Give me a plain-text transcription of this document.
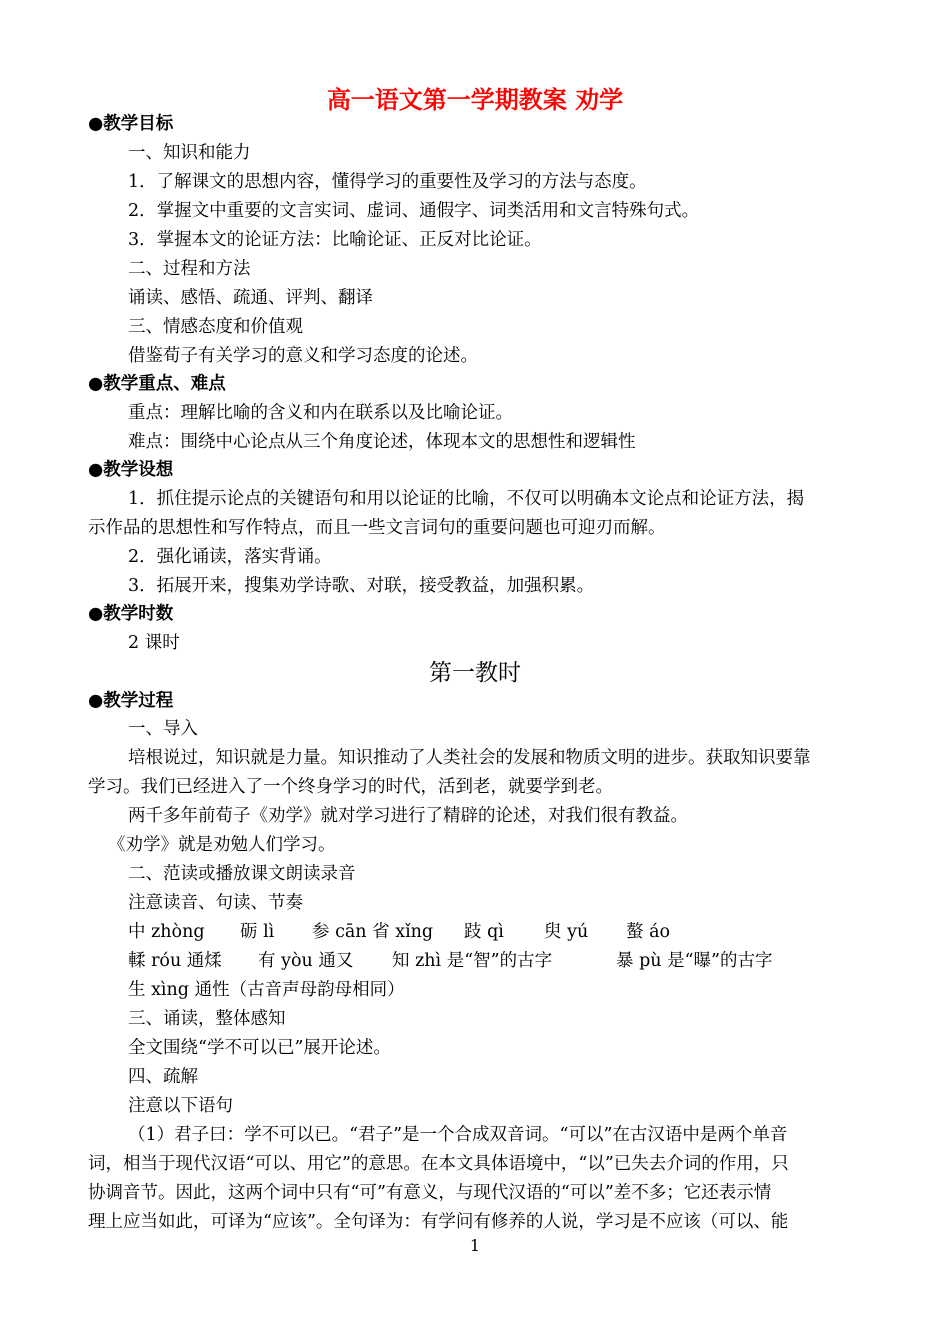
高一语文第一学期教案 劝学
●教学目标
一、知识和能力
1．了解课文的思想内容，懂得学习的重要性及学习的方法与态度。
2．掌握文中重要的文言实词、虚词、通假字、词类活用和文言特殊句式。
3．掌握本文的论证方法：比喻论证、正反对比论证。
二、过程和方法
诵读、感悟、疏通、评判、翻译
三、情感态度和价值观
借鉴荀子有关学习的意义和学习态度的论述。
●教学重点、难点
重点：理解比喻的含义和内在联系以及比喻论证。
难点：围绕中心论点从三个角度论述，体现本文的思想性和逻辑性
●教学设想
1．抓住提示论点的关键语句和用以论证的比喻，不仅可以明确本文论点和论证方法，揭
示作品的思想性和写作特点，而且一些文言词句的重要问题也可迎刃而解。
2．强化诵读，落实背诵。
3．拓展开来，搜集劝学诗歌、对联，接受教益，加强积累。
●教学时数
2 课时
第一教时
●教学过程
一、导入
培根说过，知识就是力量。知识推动了人类社会的发展和物质文明的进步。获取知识要靠
学习。我们已经进入了一个终身学习的时代，活到老，就要学到老。
两千多年前荀子《劝学》就对学习进行了精辟的论述，对我们很有教益。
《劝学》就是劝勉人们学习。
二、范读或播放课文朗读录音
注意读音、句读、节奏
中 zhòng 砺 lì 参 cān 省 xǐng 跂 qì 臾 yú 螯 áo
輮 róu 通煣 有 yòu 通又 知 zhì 是“智”的古字	暴 pù 是“曝”的古字
生 xìng 通性（古音声母韵母相同）
三、诵读，整体感知
全文围绕“学不可以已”展开论述。
四、疏解
注意以下语句
（1）君子曰：学不可以已。“君子”是一个合成双音词。“可以”在古汉语中是两个单音
词，相当于现代汉语“可以、用它”的意思。在本文具体语境中，“以”已失去介词的作用，只
协调音节。因此，这两个词中只有“可”有意义，与现代汉语的“可以”差不多；它还表示情
理上应当如此，可译为“应该”。全句译为：有学问有修养的人说，学习是不应该（可以、能
1
